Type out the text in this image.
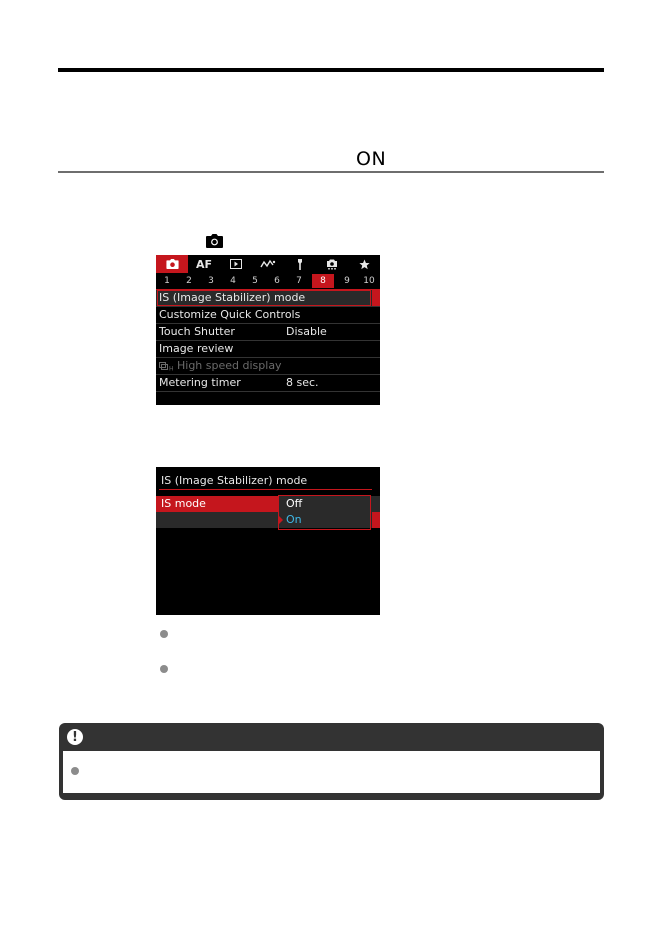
ON
AF
1	2	3	4	5	6	7	8	9	10
IS (Image Stabilizer) mode
Customize Quick Controls
Touch Shutter	Disable
Image review
H High speed display
Metering timer	8 sec.
IS (Image Stabilizer) mode
IS mode	Off
On
!
